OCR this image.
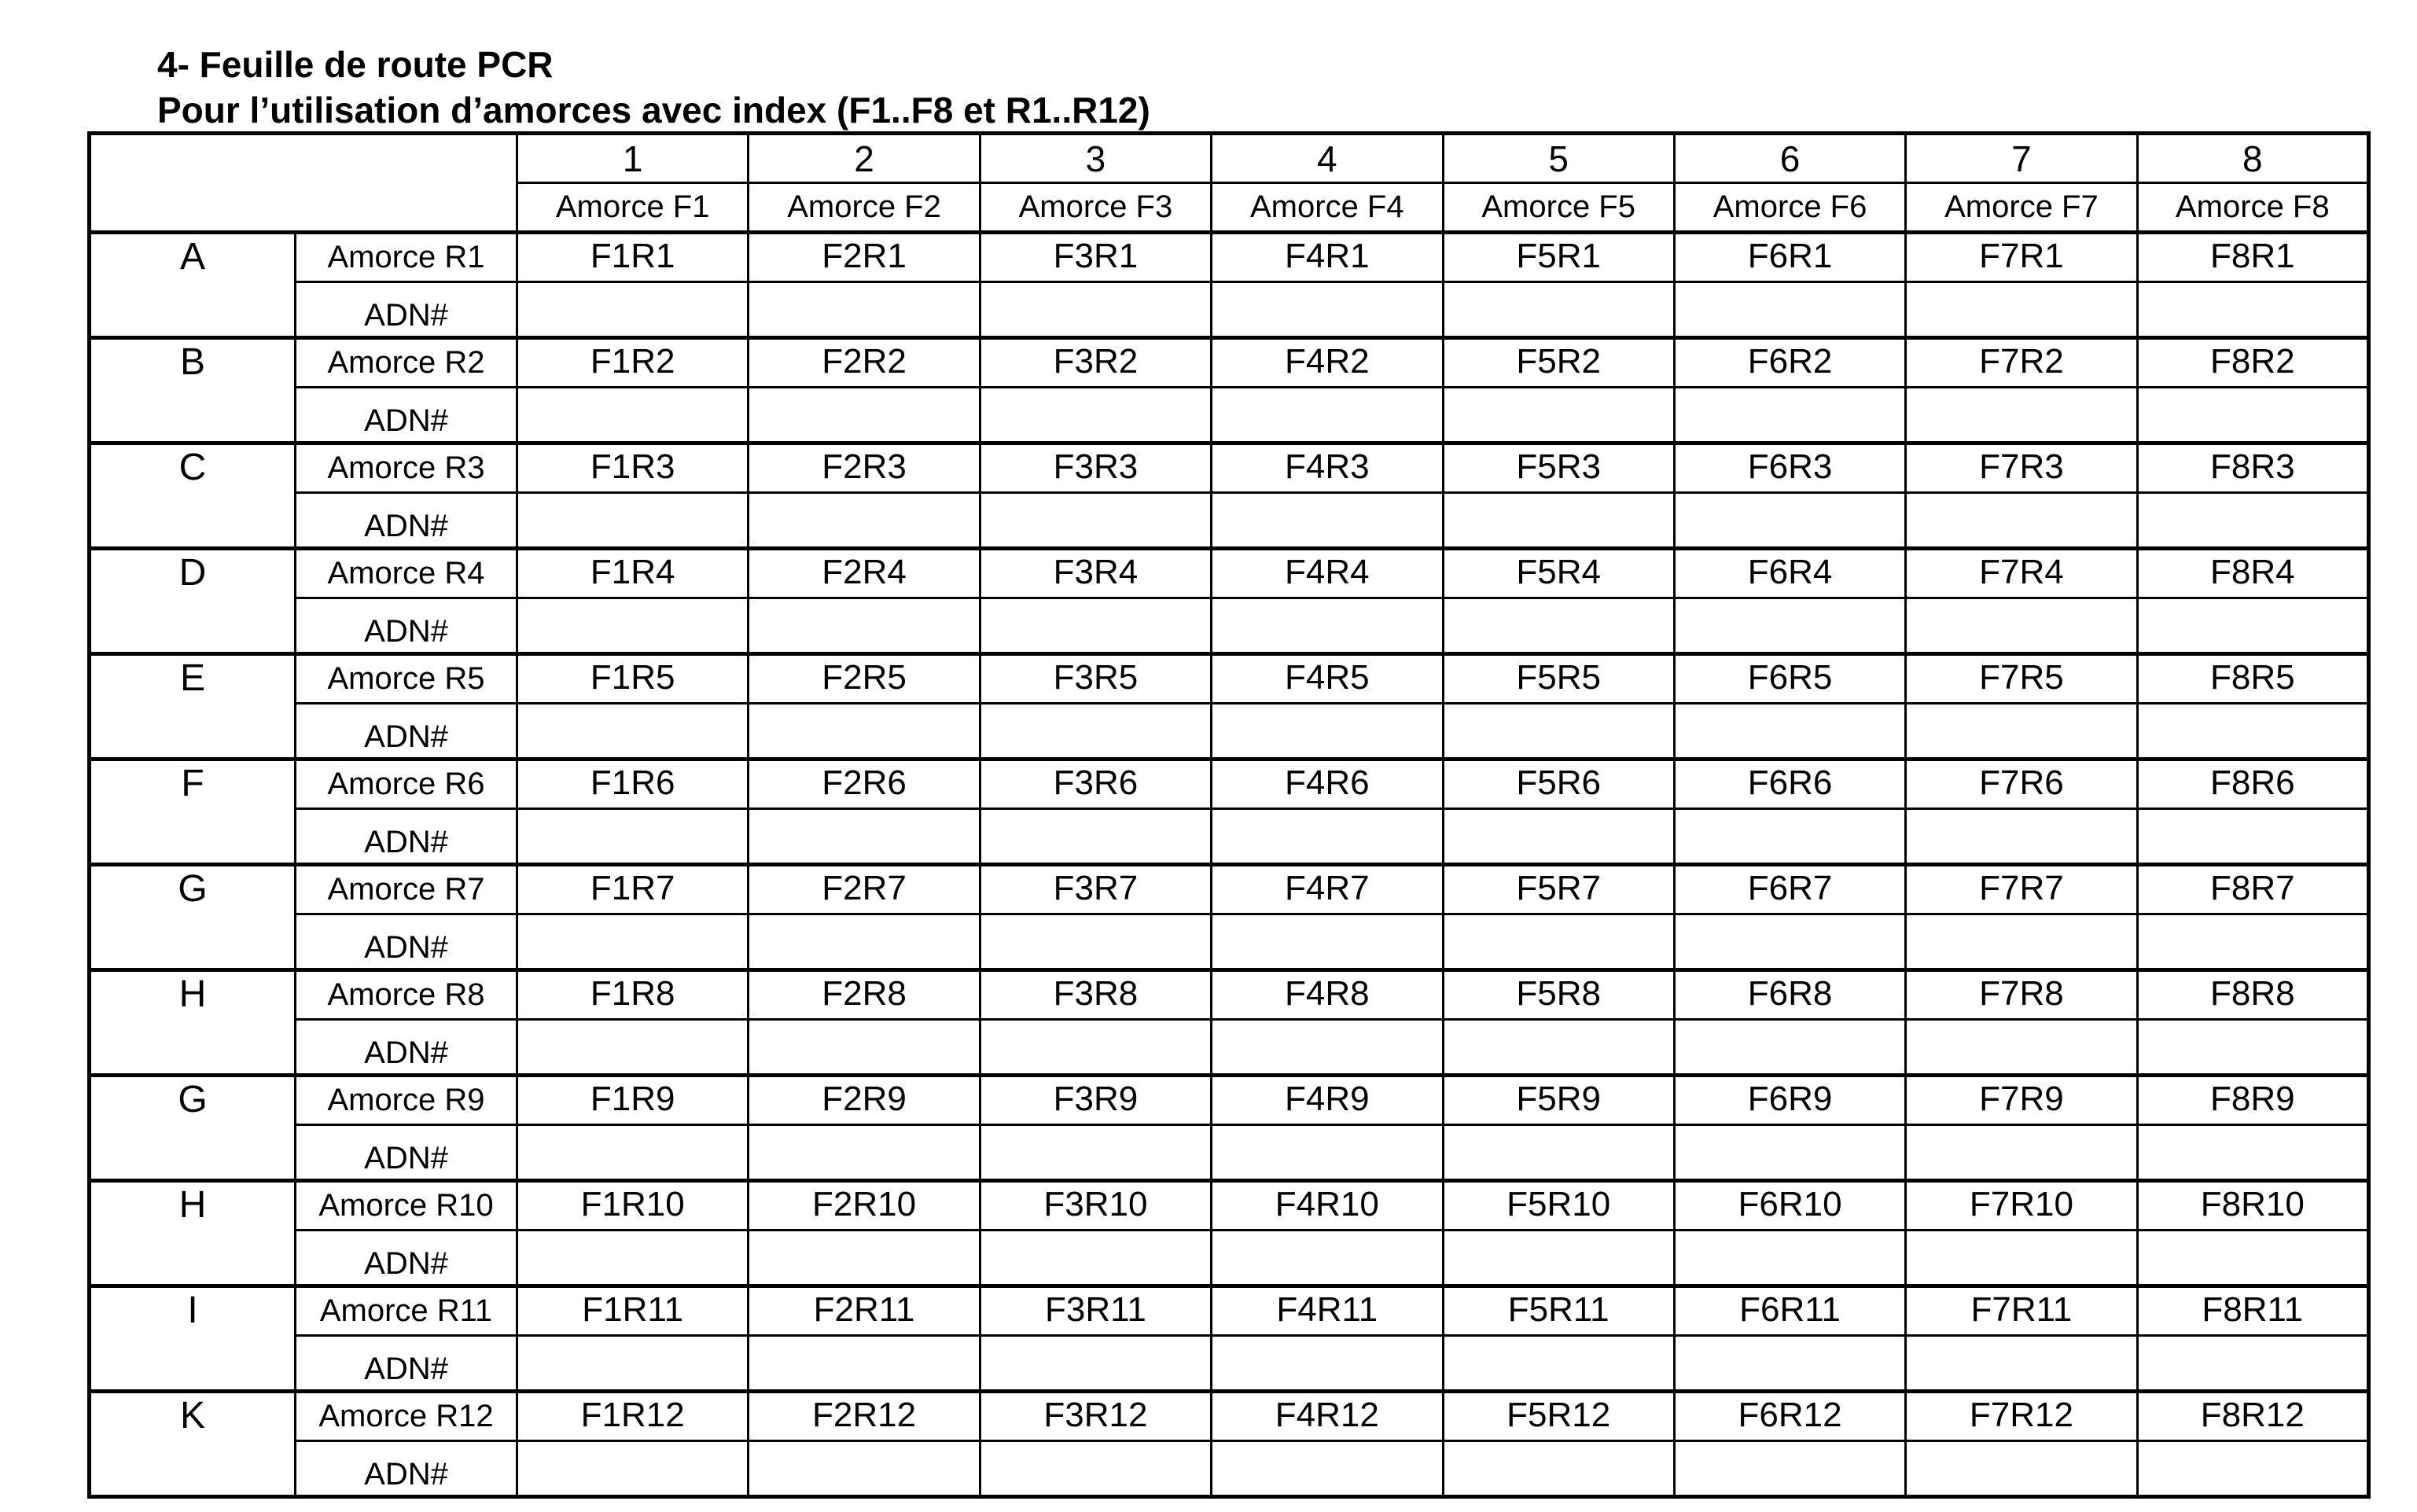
4- Feuille de route PCR
Pour l’utilisation d’amorces avec index (F1..F8 et R1..R12)
		1	2	3	4	5	6	7	8
		Amorce F1	Amorce F2	Amorce F3	Amorce F4	Amorce F5	Amorce F6	Amorce F7	Amorce F8
A	Amorce R1	F1R1	F2R1	F3R1	F4R1	F5R1	F6R1	F7R1	F8R1
	ADN#								
B	Amorce R2	F1R2	F2R2	F3R2	F4R2	F5R2	F6R2	F7R2	F8R2
	ADN#								
C	Amorce R3	F1R3	F2R3	F3R3	F4R3	F5R3	F6R3	F7R3	F8R3
	ADN#								
D	Amorce R4	F1R4	F2R4	F3R4	F4R4	F5R4	F6R4	F7R4	F8R4
	ADN#								
E	Amorce R5	F1R5	F2R5	F3R5	F4R5	F5R5	F6R5	F7R5	F8R5
	ADN#								
F	Amorce R6	F1R6	F2R6	F3R6	F4R6	F5R6	F6R6	F7R6	F8R6
	ADN#								
G	Amorce R7	F1R7	F2R7	F3R7	F4R7	F5R7	F6R7	F7R7	F8R7
	ADN#								
H	Amorce R8	F1R8	F2R8	F3R8	F4R8	F5R8	F6R8	F7R8	F8R8
	ADN#								
G	Amorce R9	F1R9	F2R9	F3R9	F4R9	F5R9	F6R9	F7R9	F8R9
	ADN#								
H	Amorce R10	F1R10	F2R10	F3R10	F4R10	F5R10	F6R10	F7R10	F8R10
	ADN#								
I	Amorce R11	F1R11	F2R11	F3R11	F4R11	F5R11	F6R11	F7R11	F8R11
	ADN#								
K	Amorce R12	F1R12	F2R12	F3R12	F4R12	F5R12	F6R12	F7R12	F8R12
	ADN#								
